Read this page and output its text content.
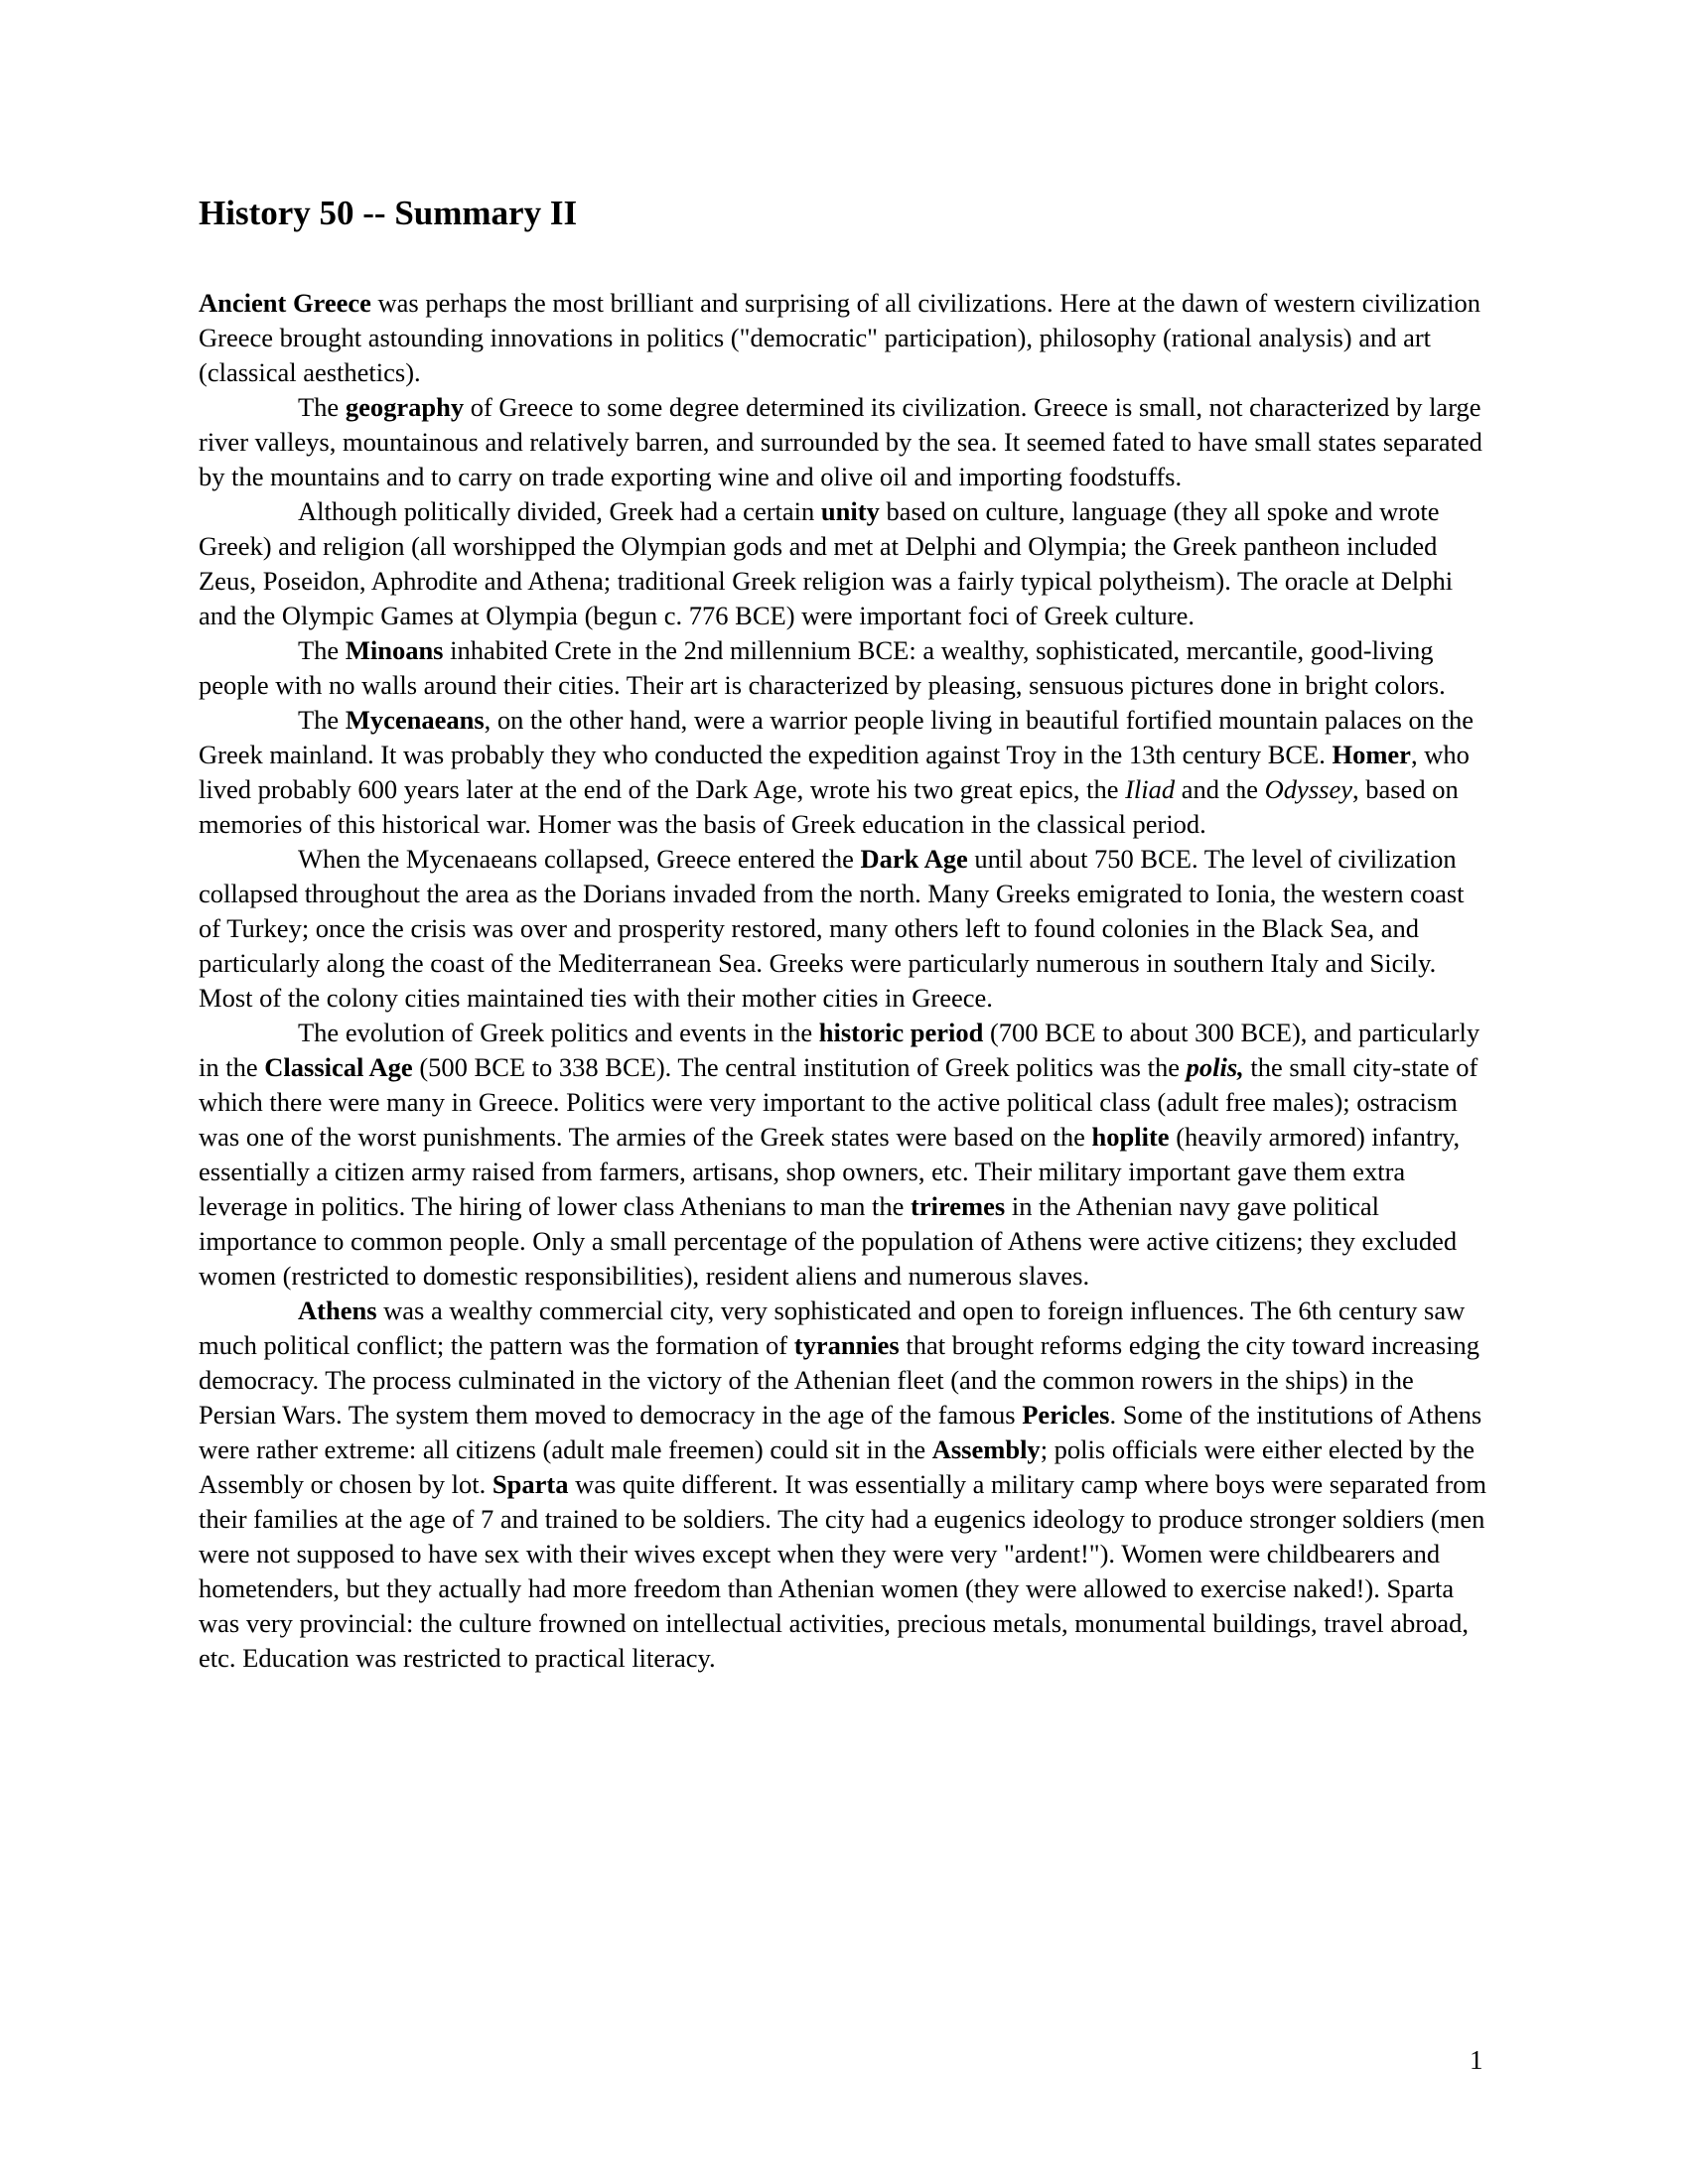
History 50 -- Summary II

Ancient Greece was perhaps the most brilliant and surprising of all civilizations. Here at the dawn of western civilization Greece brought astounding innovations in politics ("democratic" participation), philosophy (rational analysis) and art (classical aesthetics).

The geography of Greece to some degree determined its civilization. Greece is small, not characterized by large river valleys, mountainous and relatively barren, and surrounded by the sea. It seemed fated to have small states separated by the mountains and to carry on trade exporting wine and olive oil and importing foodstuffs.

Although politically divided, Greek had a certain unity based on culture, language (they all spoke and wrote Greek) and religion (all worshipped the Olympian gods and met at Delphi and Olympia; the Greek pantheon included Zeus, Poseidon, Aphrodite and Athena; traditional Greek religion was a fairly typical polytheism). The oracle at Delphi and the Olympic Games at Olympia (begun c. 776 BCE) were important foci of Greek culture.

The Minoans inhabited Crete in the 2nd millennium BCE: a wealthy, sophisticated, mercantile, good-living people with no walls around their cities. Their art is characterized by pleasing, sensuous pictures done in bright colors.

The Mycenaeans, on the other hand, were a warrior people living in beautiful fortified mountain palaces on the Greek mainland. It was probably they who conducted the expedition against Troy in the 13th century BCE. Homer, who lived probably 600 years later at the end of the Dark Age, wrote his two great epics, the Iliad and the Odyssey, based on memories of this historical war. Homer was the basis of Greek education in the classical period.

When the Mycenaeans collapsed, Greece entered the Dark Age until about 750 BCE. The level of civilization collapsed throughout the area as the Dorians invaded from the north. Many Greeks emigrated to Ionia, the western coast of Turkey; once the crisis was over and prosperity restored, many others left to found colonies in the Black Sea, and particularly along the coast of the Mediterranean Sea. Greeks were particularly numerous in southern Italy and Sicily. Most of the colony cities maintained ties with their mother cities in Greece.

The evolution of Greek politics and events in the historic period (700 BCE to about 300 BCE), and particularly in the Classical Age (500 BCE to 338 BCE). The central institution of Greek politics was the polis, the small city-state of which there were many in Greece. Politics were very important to the active political class (adult free males); ostracism was one of the worst punishments. The armies of the Greek states were based on the hoplite (heavily armored) infantry, essentially a citizen army raised from farmers, artisans, shop owners, etc. Their military important gave them extra leverage in politics. The hiring of lower class Athenians to man the triremes in the Athenian navy gave political importance to common people. Only a small percentage of the population of Athens were active citizens; they excluded women (restricted to domestic responsibilities), resident aliens and numerous slaves.

Athens was a wealthy commercial city, very sophisticated and open to foreign influences. The 6th century saw much political conflict; the pattern was the formation of tyrannies that brought reforms edging the city toward increasing democracy. The process culminated in the victory of the Athenian fleet (and the common rowers in the ships) in the Persian Wars. The system them moved to democracy in the age of the famous Pericles. Some of the institutions of Athens were rather extreme: all citizens (adult male freemen) could sit in the Assembly; polis officials were either elected by the Assembly or chosen by lot. Sparta was quite different. It was essentially a military camp where boys were separated from their families at the age of 7 and trained to be soldiers. The city had a eugenics ideology to produce stronger soldiers (men were not supposed to have sex with their wives except when they were very "ardent!"). Women were childbearers and hometenders, but they actually had more freedom than Athenian women (they were allowed to exercise naked!). Sparta was very provincial: the culture frowned on intellectual activities, precious metals, monumental buildings, travel abroad, etc. Education was restricted to practical literacy.

1
